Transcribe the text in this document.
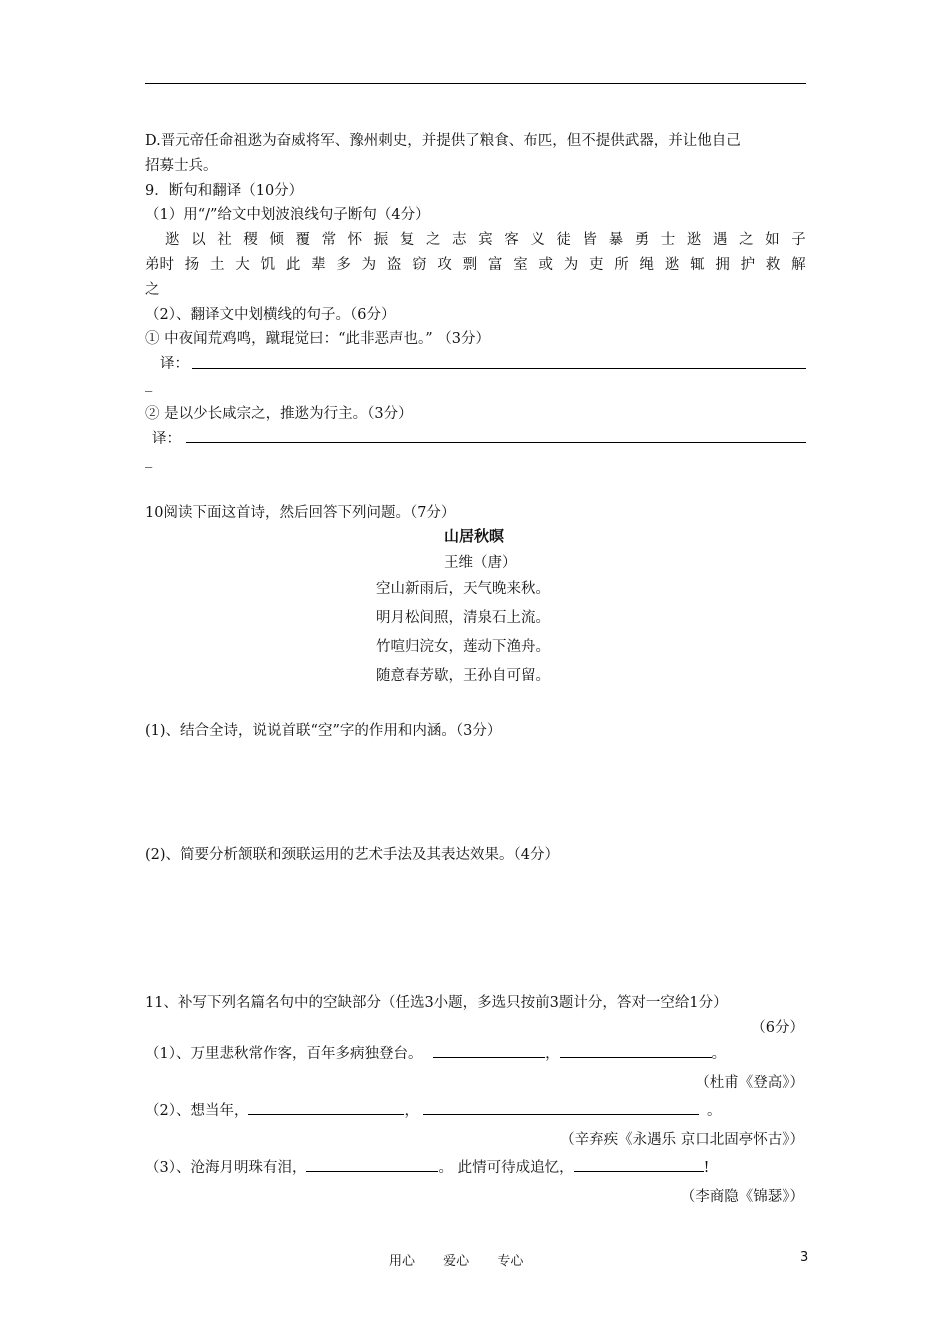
D.晋元帝任命祖逖为奋威将军、豫州刺史，并提供了粮食、布匹，但不提供武器，并让他自己
招募士兵。
9．断句和翻译（10分）
（1）用“/”给文中划波浪线句子断句（4分）
逖 以 社 稷 倾 覆 常 怀 振 复 之 志 宾 客 义 徒 皆 暴 勇 士 逖 遇 之 如 子
弟时 扬 土 大 饥 此 辈 多 为 盗 窃 攻 剽 富 室 或 为 吏 所 绳 逖 辄 拥 护 救 解
之
（2）、翻译文中划横线的句子。（6分）
① 中夜闻荒鸡鸣，蹴琨觉曰：“此非恶声也。” （3分）
译：
_
② 是以少长咸宗之，推逖为行主。（3分）
译：
_
10阅读下面这首诗，然后回答下列问题。（7分）
山居秋暝
王维（唐）
空山新雨后，天气晚来秋。
明月松间照，清泉石上流。
竹喧归浣女，莲动下渔舟。
随意春芳歇，王孙自可留。
(1)、结合全诗，说说首联“空”字的作用和内涵。（3分）
(2)、简要分析颔联和颈联运用的艺术手法及其表达效果。（4分）
11、补写下列名篇名句中的空缺部分（任选3小题，多选只按前3题计分，答对一空给1分）
（6分）
（1）、万里悲秋常作客，百年多病独登台。	，	。
（杜甫《登高》）
（2）、想当年，	，	。
（辛弃疾《永遇乐 京口北固亭怀古》）
（3）、沧海月明珠有泪，	。 此情可待成追忆，	!
（李商隐《锦瑟》）
用心 爱心 专心	3
